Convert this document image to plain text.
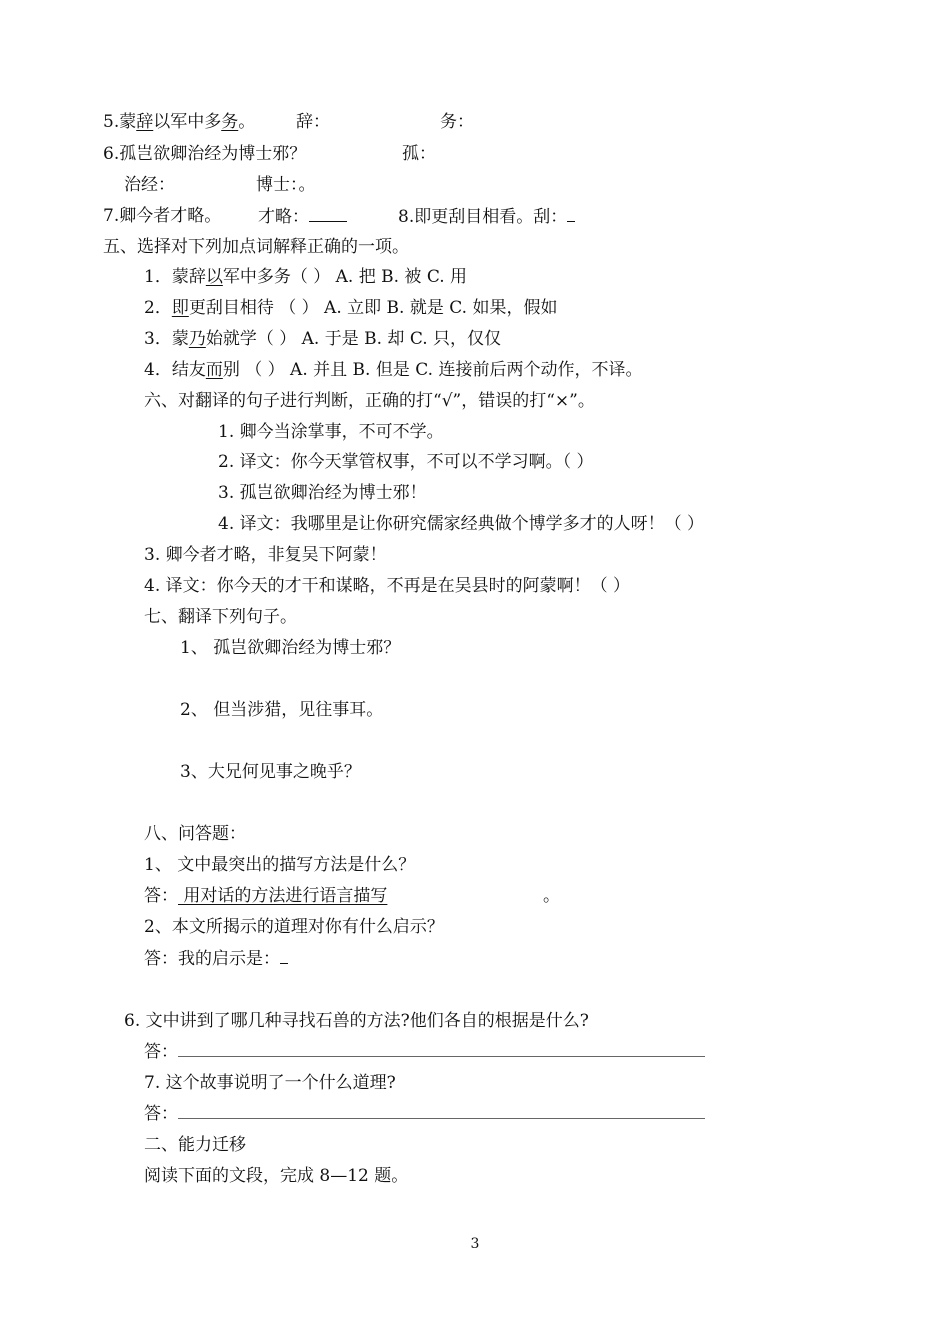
5.蒙辞以军中多务。 辞：	务：
6.孤岂欲卿治经为博士邪？	孤：
治经：	博士：。
7.卿今者才略。 才略：	8.即更刮目相看。刮：
五、选择对下列加点词解释正确的一项。
1．蒙辞以军中多务（ ） A. 把 B. 被 C. 用
2．即更刮目相待 （ ） A. 立即 B. 就是 C. 如果，假如
3．蒙乃始就学（ ） A. 于是 B. 却 C. 只，仅仅
4．结友而别 （ ） A. 并且 B. 但是 C. 连接前后两个动作，不译。
六、对翻译的句子进行判断，正确的打“√”，错误的打“×”。
1. 卿今当涂掌事，不可不学。
2. 译文：你今天掌管权事，不可以不学习啊。（ ）
3. 孤岂欲卿治经为博士邪！
4. 译文：我哪里是让你研究儒家经典做个博学多才的人呀！（ ）
3. 卿今者才略，非复吴下阿蒙！
4. 译文：你今天的才干和谋略，不再是在吴县时的阿蒙啊！（ ）
七、翻译下列句子。
1、 孤岂欲卿治经为博士邪？
2、 但当涉猎，见往事耳。
3、大兄何见事之晚乎？
八、问答题：
1、 文中最突出的描写方法是什么？
答： 用对话的方法进行语言描写	。
2、本文所揭示的道理对你有什么启示？
答：我的启示是：
6. 文中讲到了哪几种寻找石兽的方法?他们各自的根据是什么?
答：
7. 这个故事说明了一个什么道理?
答：
二、能力迁移
阅读下面的文段，完成 8—12 题。
3
